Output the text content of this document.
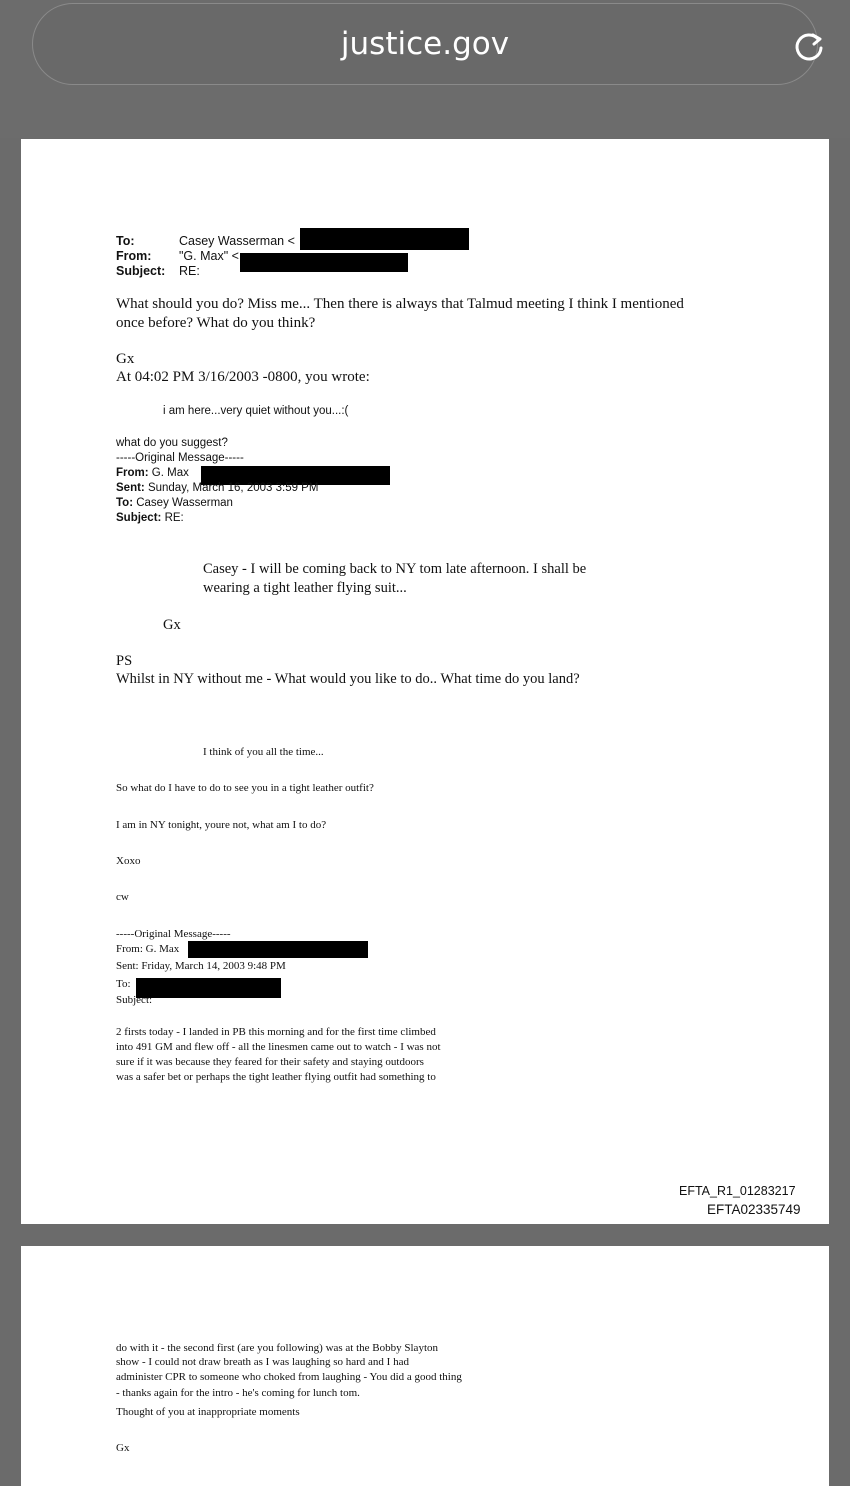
justice.gov
To:	Casey Wasserman <
From: "G. Max" <
Subject: RE:
What should you do? Miss me... Then there is always that Talmud meeting I think I mentioned
once before? What do you think?
Gx
At 04:02 PM 3/16/2003 -0800, you wrote:
i am here...very quiet without you...:(
what do you suggest?
-----Original Message-----
From: G. Max
Sent: Sunday, March 16, 2003 3:59 PM
To: Casey Wasserman
Subject: RE:
Casey - I will be coming back to NY tom late afternoon. I shall be
wearing a tight leather flying suit...
Gx
PS
Whilst in NY without me - What would you like to do.. What time do you land?
I think of you all the time...
So what do I have to do to see you in a tight leather outfit?
I am in NY tonight, youre not, what am I to do?
Xoxo
cw
-----Original Message-----
From: G. Max
Sent: Friday, March 14, 2003 9:48 PM
To:
Subject:
2 firsts today - I landed in PB this morning and for the first time climbed
into 491 GM and flew off - all the linesmen came out to watch - I was not
sure if it was because they feared for their safety and staying outdoors
was a safer bet or perhaps the tight leather flying outfit had something to
EFTA_R1_01283217
EFTA02335749
do with it - the second first (are you following) was at the Bobby Slayton
show - I could not draw breath as I was laughing so hard and I had
administer CPR to someone who choked from laughing - You did a good thing
- thanks again for the intro - he's coming for lunch tom.
Thought of you at inappropriate moments
Gx
